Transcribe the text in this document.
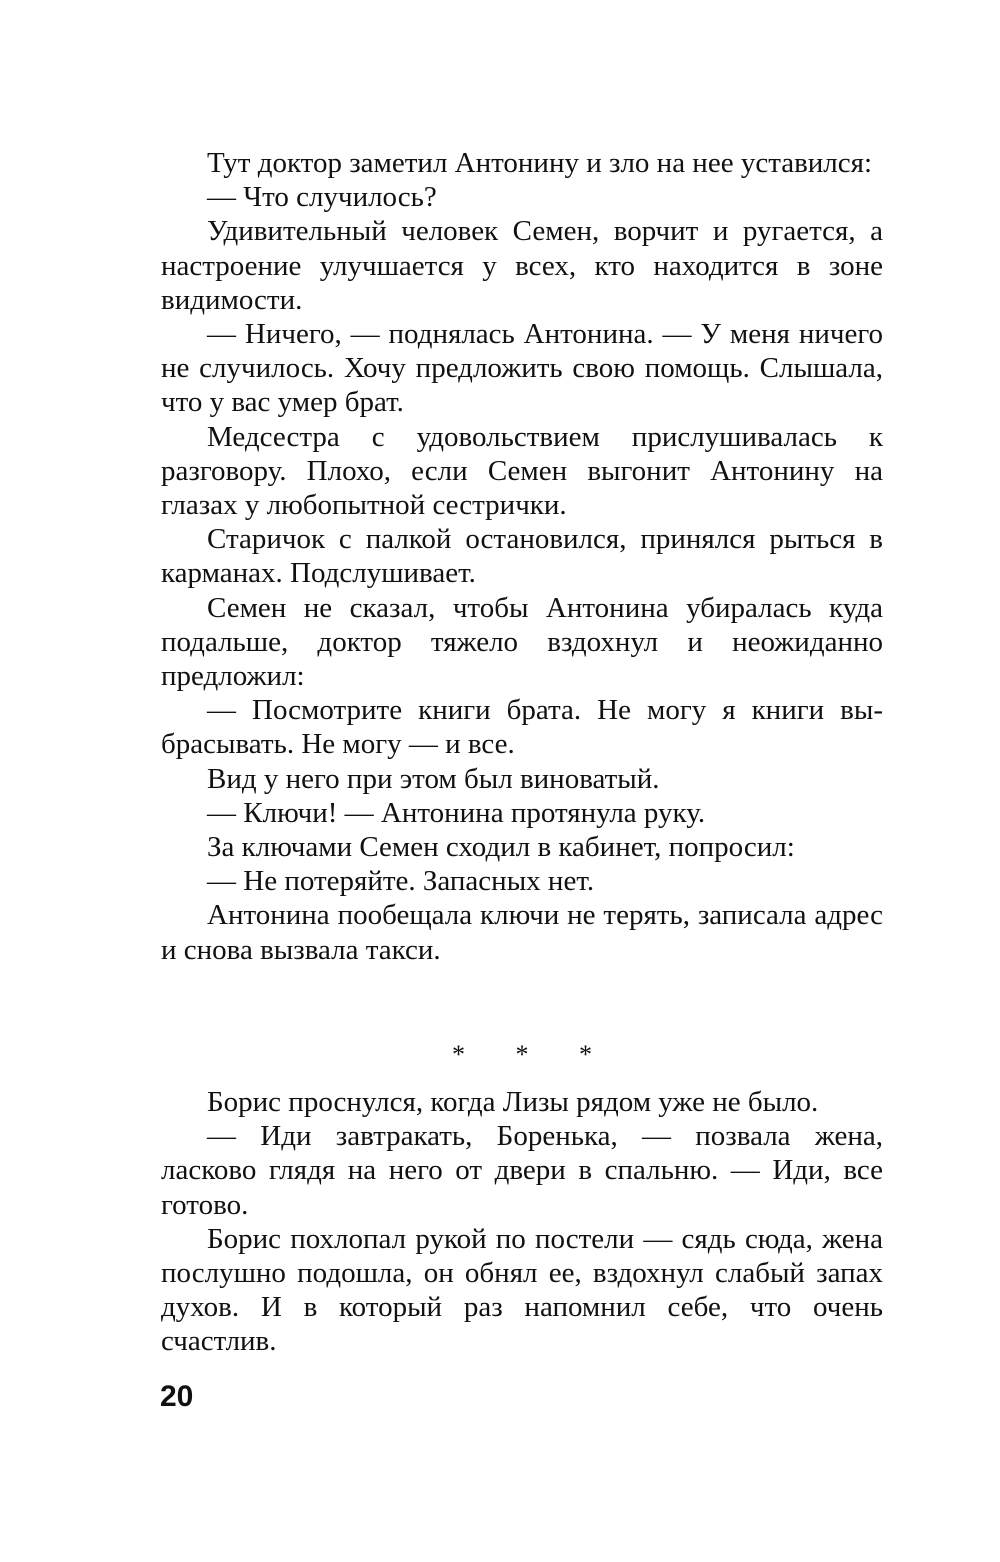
Тут доктор заметил Антонину и зло на нее уставился:

— Что случилось?

Удивительный человек Семен, ворчит и ругается, а настроение улучшается у всех, кто находится в зоне видимости.

— Ничего, — поднялась Антонина. — У меня ничего не случилось. Хочу предложить свою помощь. Слышала, что у вас умер брат.

Медсестра с удовольствием прислушивалась к разговору. Плохо, если Семен выгонит Антонину на глазах у любопытной сестрички.

Старичок с палкой остановился, принялся рыться в карманах. Подслушивает.

Семен не сказал, чтобы Антонина убиралась куда подальше, доктор тяжело вздохнул и неожиданно предложил:

— Посмотрите книги брата. Не могу я книги выбрасывать. Не могу — и все.

Вид у него при этом был виноватый.

— Ключи! — Антонина протянула руку.

За ключами Семен сходил в кабинет, попросил:

— Не потеряйте. Запасных нет.

Антонина пообещала ключи не терять, записала адрес и снова вызвала такси.

* * *

Борис проснулся, когда Лизы рядом уже не было.

— Иди завтракать, Боренька, — позвала жена, ласково глядя на него от двери в спальню. — Иди, все готово.

Борис похлопал рукой по постели — сядь сюда, жена послушно подошла, он обнял ее, вздохнул слабый запах духов. И в который раз напомнил себе, что очень счастлив.

20
